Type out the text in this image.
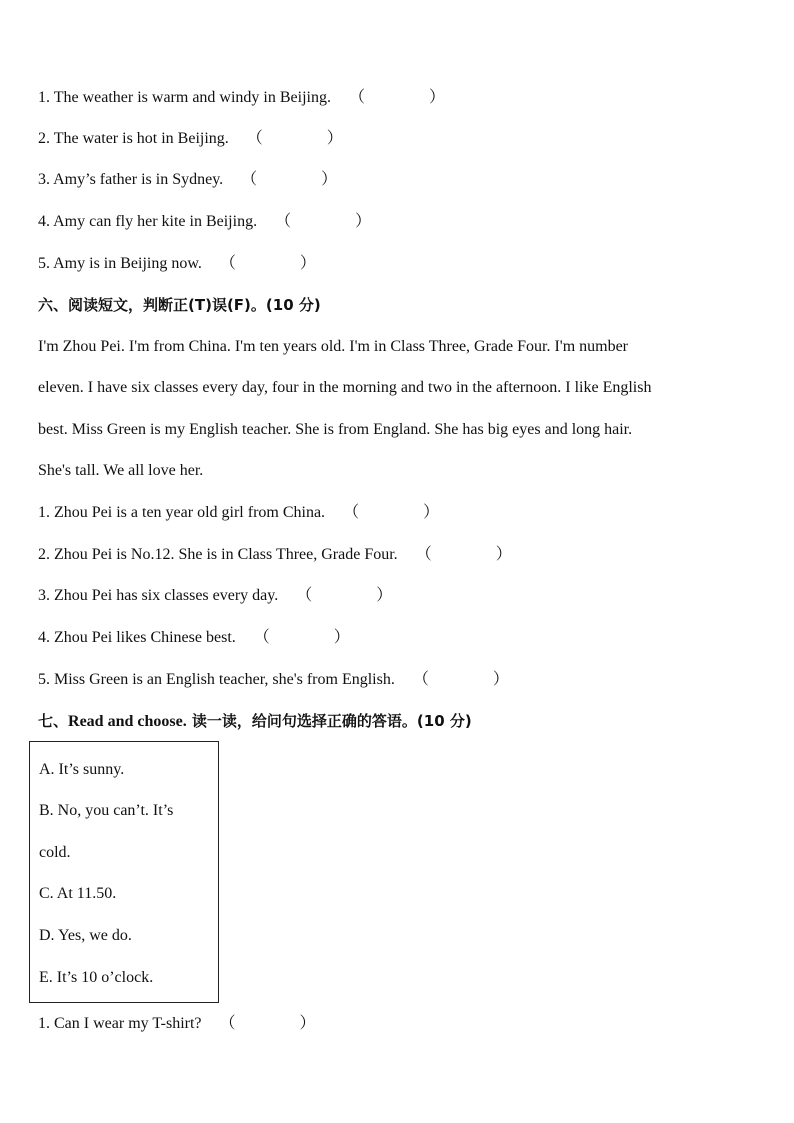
1. The weather is warm and windy in Beijing. （　　　　）
2. The water is hot in Beijing. （　　　　）
3. Amy’s father is in Sydney. （　　　　）
4. Amy can fly her kite in Beijing. （　　　　）
5. Amy is in Beijing now. （　　　　）
六、阅读短文，判断正(T)误(F)。(10 分)
I'm Zhou Pei. I'm from China. I'm ten years old. I'm in Class Three, Grade Four. I'm number
eleven. I have six classes every day, four in the morning and two in the afternoon. I like English
best. Miss Green is my English teacher. She is from England. She has big eyes and long hair.
She's tall. We all love her.
1. Zhou Pei is a ten year old girl from China. （　　　　）
2. Zhou Pei is No.12. She is in Class Three, Grade Four. （　　　　）
3. Zhou Pei has six classes every day. （　　　　）
4. Zhou Pei likes Chinese best. （　　　　）
5. Miss Green is an English teacher, she's from English. （　　　　）
七、Read and choose. 读一读，给问句选择正确的答语。(10 分)
A. It’s sunny.
B. No, you can’t. It’s
cold.
C. At 11.50.
D. Yes, we do.
E. It’s 10 o’clock.
1. Can I wear my T-shirt? （　　　　）
